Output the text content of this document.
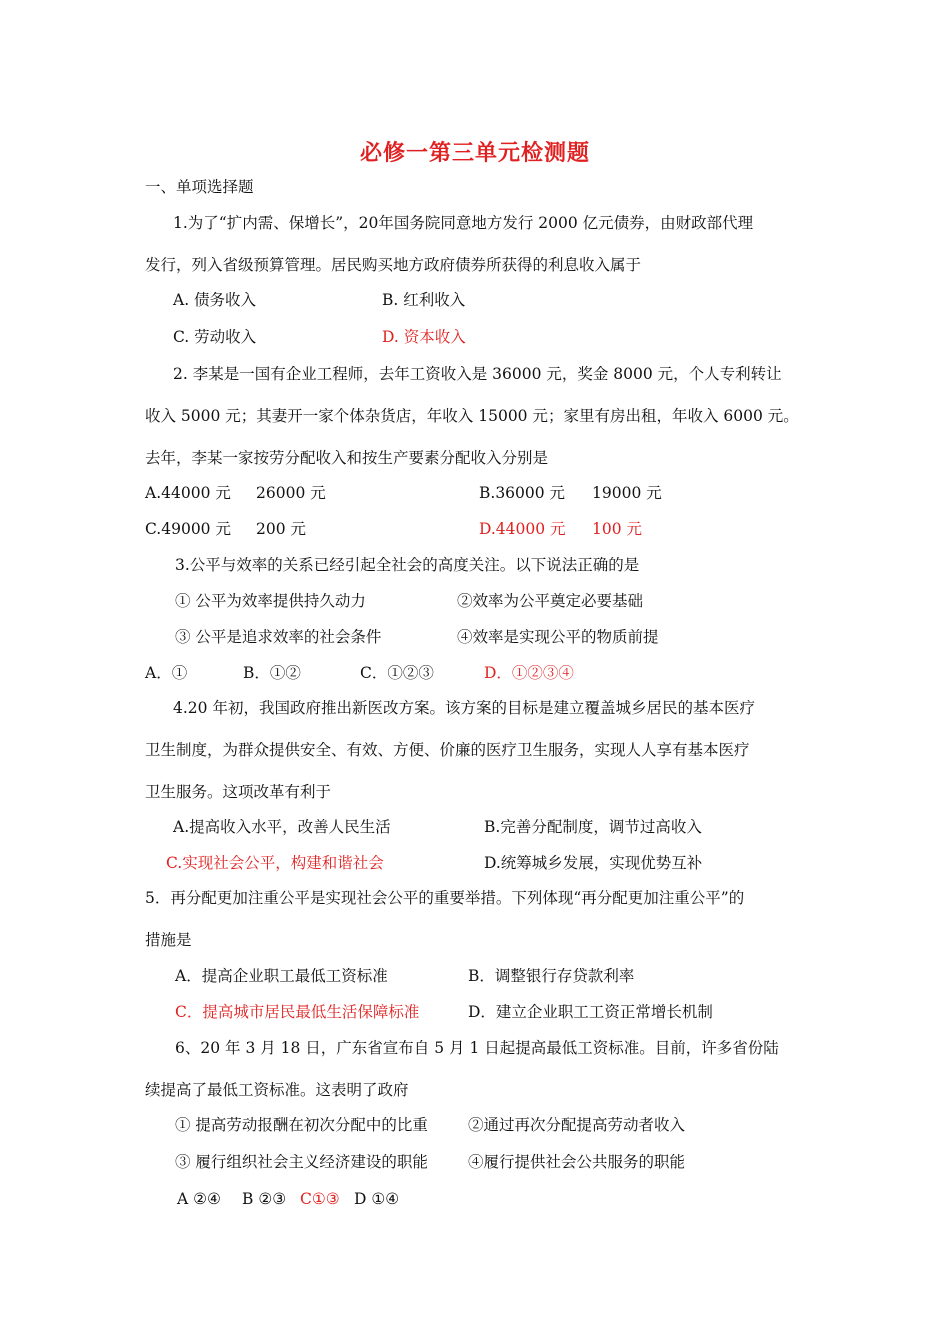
必修一第三单元检测题
一、单项选择题
1.为了“扩内需、保增长”，20年国务院同意地方发行 2000 亿元债券，由财政部代理
发行，列入省级预算管理。居民购买地方政府债券所获得的利息收入属于
A. 债务收入	B. 红利收入
C. 劳动收入	D. 资本收入
2. 李某是一国有企业工程师，去年工资收入是 36000 元，奖金 8000 元，个人专利转让
收入 5000 元；其妻开一家个体杂货店，年收入 15000 元；家里有房出租，年收入 6000 元。
去年，李某一家按劳分配收入和按生产要素分配收入分别是
A.44000 元 26000 元	B.36000 元 19000 元
C.49000 元 200 元	D.44000 元 100 元
3.公平与效率的关系已经引起全社会的高度关注。以下说法正确的是
① 公平为效率提供持久动力	②效率为公平奠定必要基础
③ 公平是追求效率的社会条件	④效率是实现公平的物质前提
A．①	B．①②	C．①②③	D．①②③④
4.20 年初，我国政府推出新医改方案。该方案的目标是建立覆盖城乡居民的基本医疗
卫生制度，为群众提供安全、有效、方便、价廉的医疗卫生服务，实现人人享有基本医疗
卫生服务。这项改革有利于
A.提高收入水平，改善人民生活	B.完善分配制度，调节过高收入
C.实现社会公平，构建和谐社会	D.统筹城乡发展，实现优势互补
5．再分配更加注重公平是实现社会公平的重要举措。下列体现“再分配更加注重公平”的
措施是
A．提高企业职工最低工资标准	B．调整银行存贷款利率
C．提高城市居民最低生活保障标准	D．建立企业职工工资正常增长机制
6、20 年 3 月 18 日，广东省宣布自 5 月 1 日起提高最低工资标准。目前，许多省份陆
续提高了最低工资标准。这表明了政府
① 提高劳动报酬在初次分配中的比重	②通过再次分配提高劳动者收入
③ 履行组织社会主义经济建设的职能	④履行提供社会公共服务的职能
A ②④ B ②③ C①③ D ①④
